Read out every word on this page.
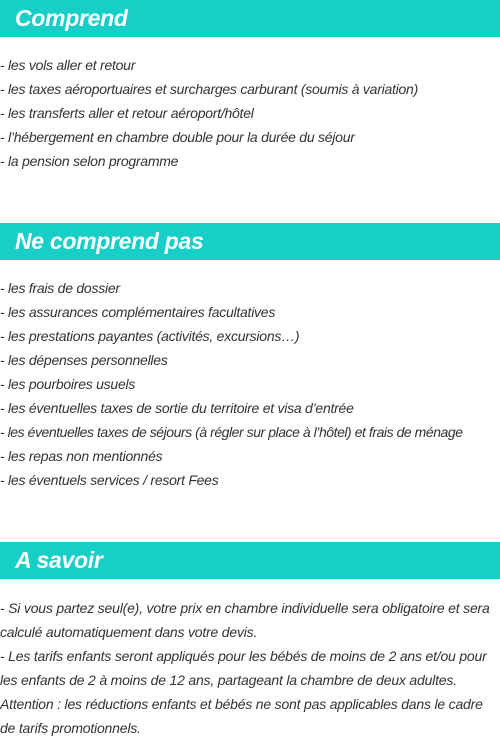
Comprend
- les vols aller et retour
- les taxes aéroportuaires et surcharges carburant (soumis à variation)
- les transferts aller et retour aéroport/hôtel
- l’hébergement en chambre double pour la durée du séjour
- la pension selon programme
Ne comprend pas
- les frais de dossier
- les assurances complémentaires facultatives
- les prestations payantes (activités, excursions…)
- les dépenses personnelles
- les pourboires usuels
- les éventuelles taxes de sortie du territoire et visa d’entrée
- les éventuelles taxes de séjours (à régler sur place à l’hôtel) et frais de ménage
- les repas non mentionnés
- les éventuels services / resort Fees
A savoir

- Si vous partez seul(e), votre prix en chambre individuelle sera obligatoire et sera calculé automatiquement dans votre devis.

- Les tarifs enfants seront appliqués pour les bébés de moins de 2 ans et/ou pour les enfants de 2 à moins de 12 ans, partageant la chambre de deux adultes.

Attention : les réductions enfants et bébés ne sont pas applicables dans le cadre de tarifs promotionnels.
